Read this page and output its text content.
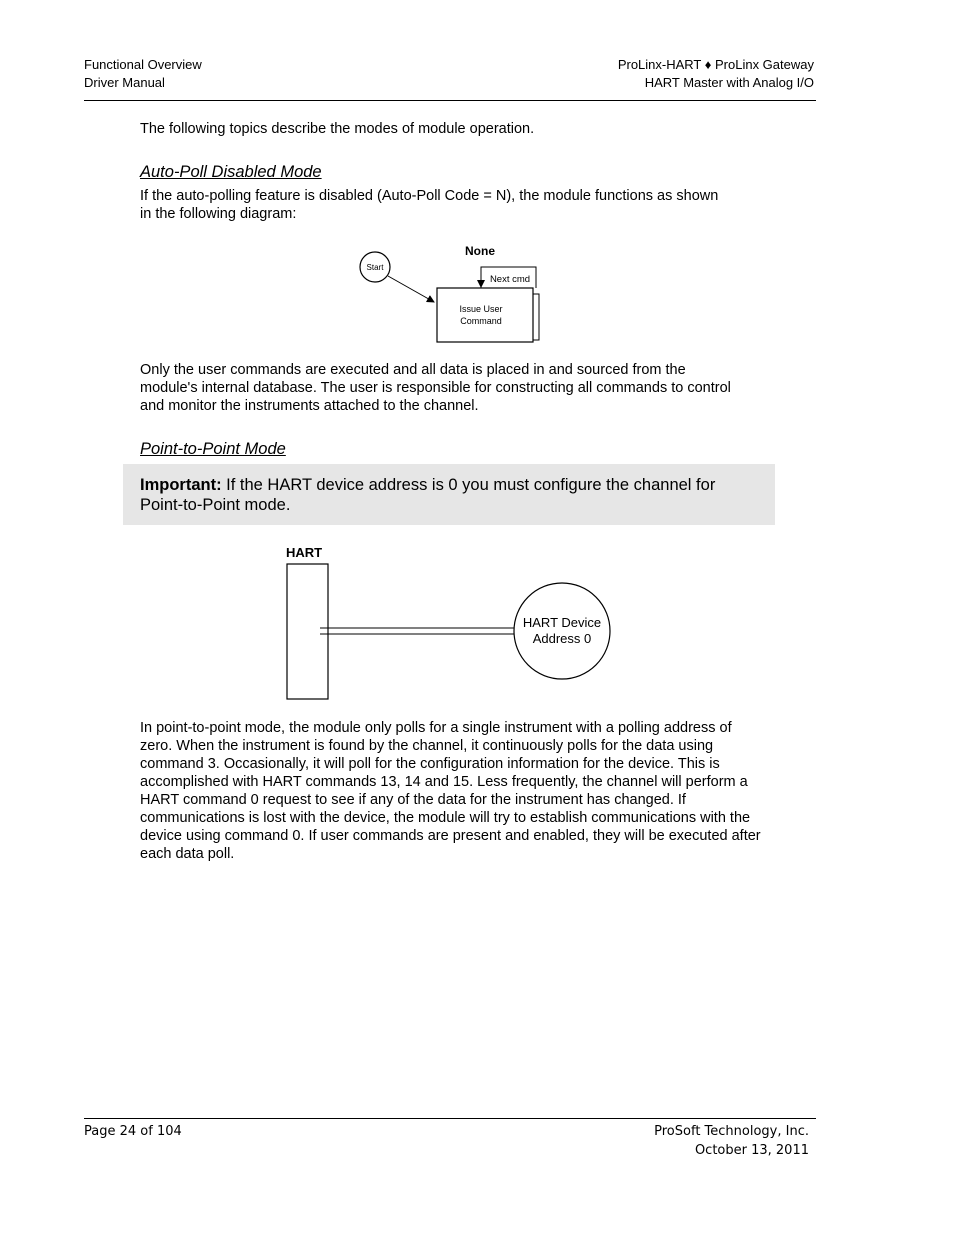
Functional Overview
Driver Manual
ProLinx-HART ♦ ProLinx Gateway
HART Master with Analog I/O
The following topics describe the modes of module operation.
Auto-Poll Disabled Mode
If the auto-polling feature is disabled (Auto-Poll Code = N), the module functions as shown in the following diagram:
None
Start
Issue User
Command
Next cmd
Only the user commands are executed and all data is placed in and sourced from the module's internal database. The user is responsible for constructing all commands to control and monitor the instruments attached to the channel.
Point-to-Point Mode
Important: If the HART device address is 0 you must configure the channel for Point-to-Point mode.
HART
HART Device
Address 0
In point-to-point mode, the module only polls for a single instrument with a polling address of zero. When the instrument is found by the channel, it continuously polls for the data using command 3. Occasionally, it will poll for the configuration information for the device. This is accomplished with HART commands 13, 14 and 15. Less frequently, the channel will perform a HART command 0 request to see if any of the data for the instrument has changed. If communications is lost with the device, the module will try to establish communications with the device using command 0. If user commands are present and enabled, they will be executed after each data poll.
Page 24 of 104	ProSoft Technology, Inc.
October 13, 2011
